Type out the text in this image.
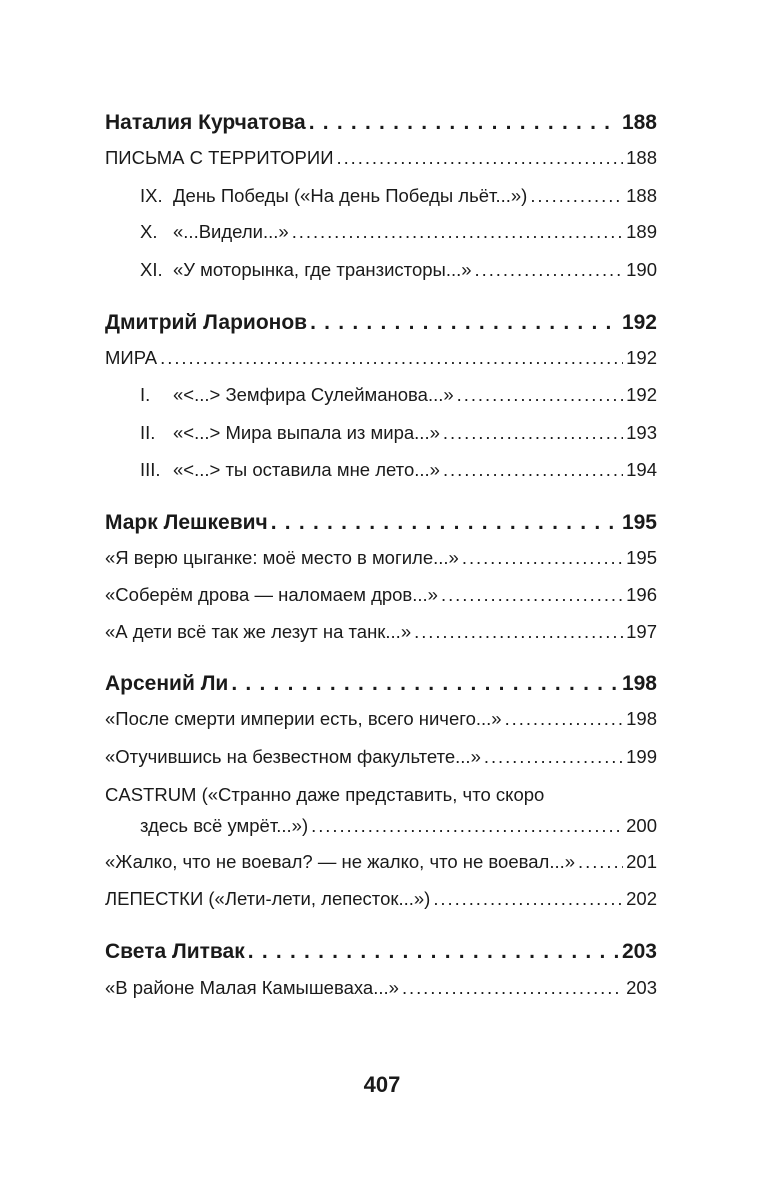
Наталия Курчатова . . .	188
ПИСЬМА С ТЕРРИТОРИИ . . .	188
IX. День Победы («На день Победы льёт...») . . .	188
X. «...Видели...» . . .	189
XI. «У моторынка, где транзисторы...» . . .	190
Дмитрий Ларионов . . .	192
МИРА . . .	192
I. «<...> Земфира Сулейманова...» . . .	192
II. «<...> Мира выпала из мира...» . . .	193
III. «<...> ты оставила мне лето...» . . .	194
Марк Лешкевич . . .	195
«Я верю цыганке: моё место в могиле...» . . .	195
«Соберём дрова — наломаем дров...» . . .	196
«А дети всё так же лезут на танк...» . . .	197
Арсений Ли . . .	198
«После смерти империи есть, всего ничего...» . . .	198
«Отучившись на безвестном факультете...» . . .	199
CASTRUM («Странно даже представить, что скоро
здесь всё умрёт...») . . .	200
«Жалко, что не воевал? — не жалко, что не воевал...» . . .	201
ЛЕПЕСТКИ («Лети-лети, лепесток...») . . .	202
Света Литвак . . .	203
«В районе Малая Камышеваха...» . . .	203
407
